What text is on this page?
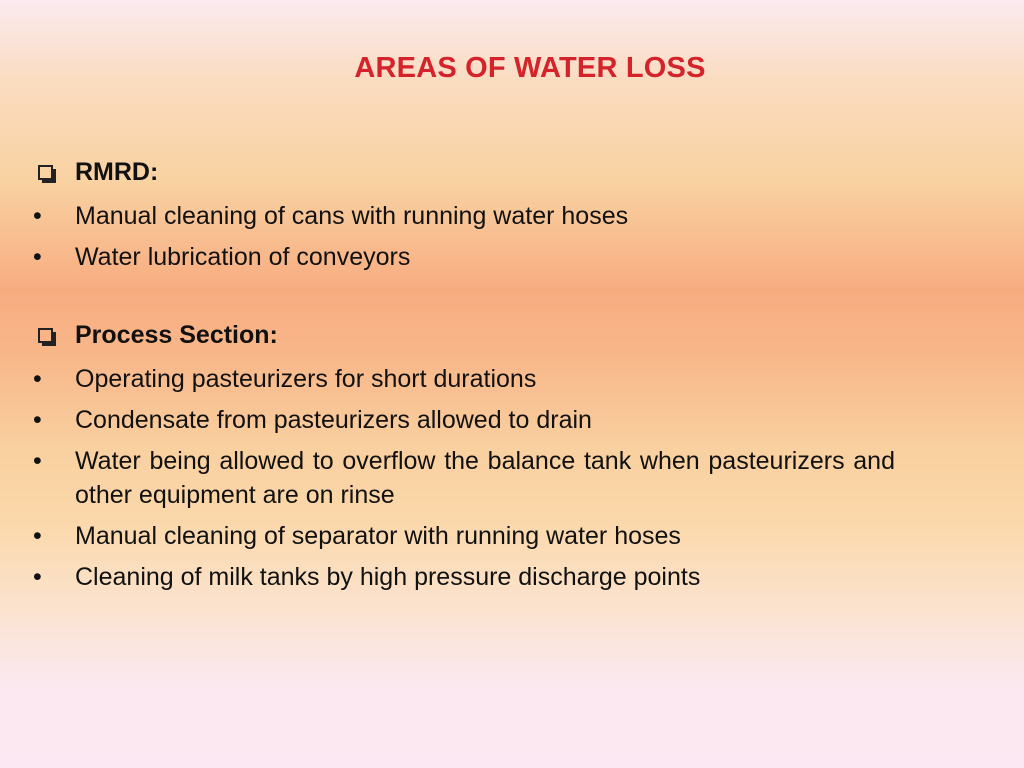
AREAS OF WATER LOSS
RMRD:
• Manual cleaning of cans with running water hoses
• Water lubrication of conveyors
Process Section:
• Operating pasteurizers for short durations
• Condensate from pasteurizers allowed to drain
• Water being allowed to overflow the balance tank when pasteurizers and other equipment are on rinse
• Manual cleaning of separator with running water hoses
• Cleaning of milk tanks by high pressure discharge points
